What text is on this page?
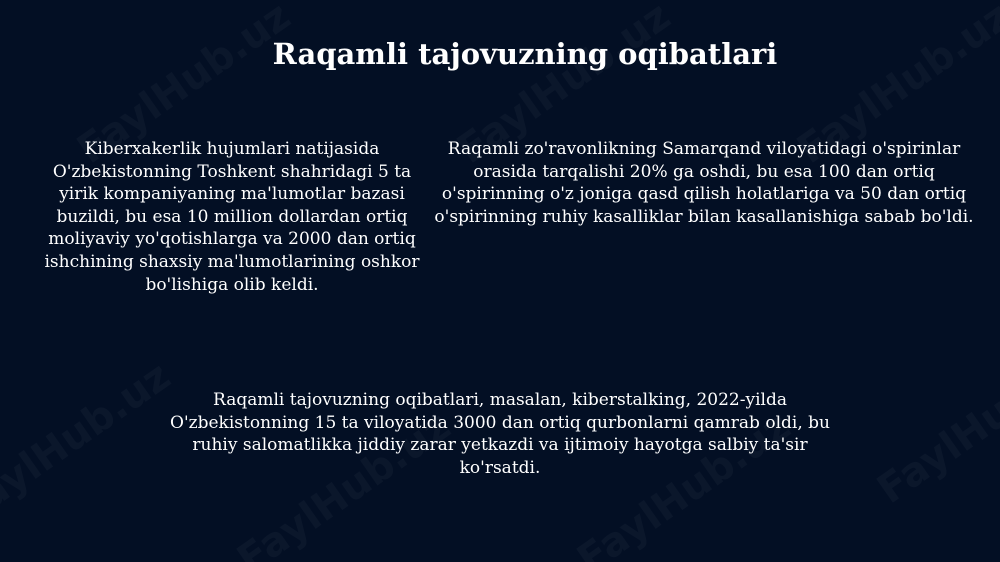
Raqamli tajovuzning oqibatlari

Kiberxakerlik hujumlari natijasida O'zbekistonning Toshkent shahridagi 5 ta yirik kompaniyaning ma'lumotlar bazasi buzildi, bu esa 10 million dollardan ortiq moliyaviy yo'qotishlarga va 2000 dan ortiq ishchining shaxsiy ma'lumotlarining oshkor bo'lishiga olib keldi.

Raqamli zo'ravonlikning Samarqand viloyatidagi o'spirinlar orasida tarqalishi 20% ga oshdi, bu esa 100 dan ortiq o'spirinning o'z joniga qasd qilish holatlariga va 50 dan ortiq o'spirinning ruhiy kasalliklar bilan kasallanishiga sabab bo'ldi.

Raqamli tajovuzning oqibatlari, masalan, kiberstalking, 2022-yilda O'zbekistonning 15 ta viloyatida 3000 dan ortiq qurbonlarni qamrab oldi, bu ruhiy salomatlikka jiddiy zarar yetkazdi va ijtimoiy hayotga salbiy ta'sir ko'rsatdi.
